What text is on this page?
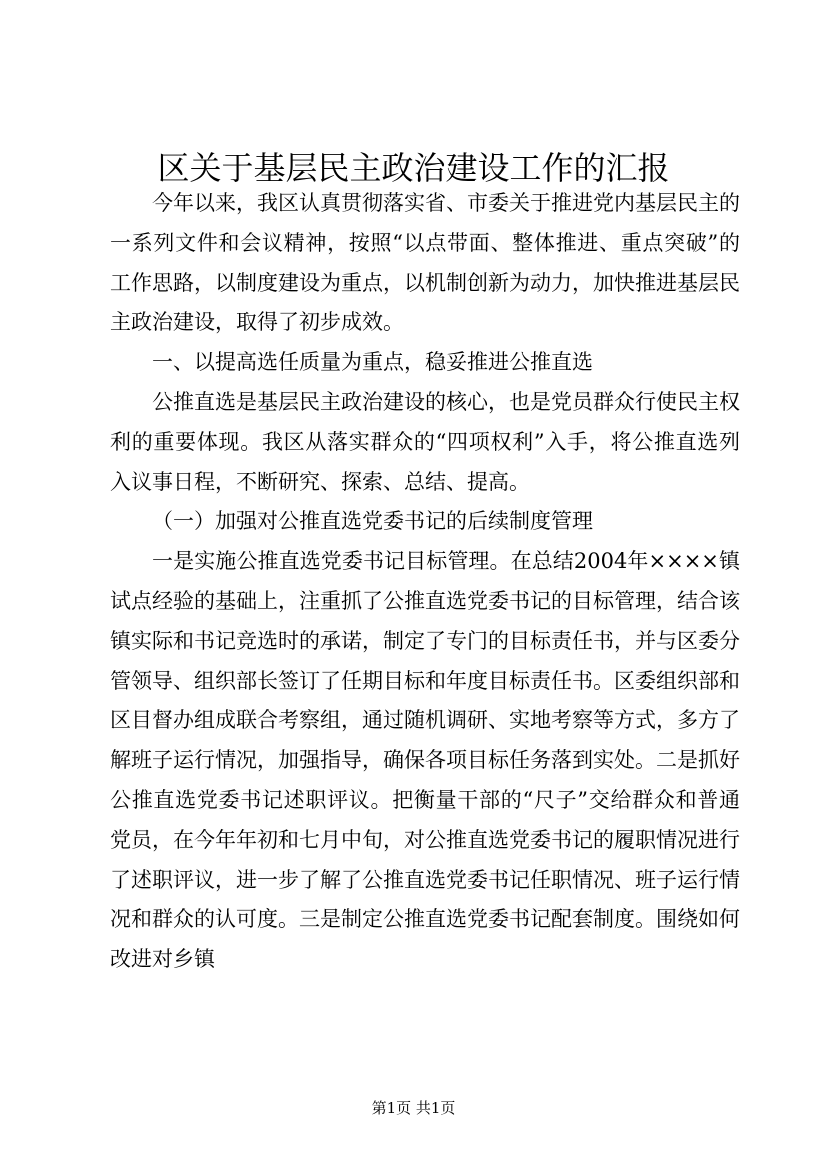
区关于基层民主政治建设工作的汇报

今年以来，我区认真贯彻落实省、市委关于推进党内基层民主的一系列文件和会议精神，按照“以点带面、整体推进、重点突破”的工作思路，以制度建设为重点，以机制创新为动力，加快推进基层民主政治建设，取得了初步成效。

一、以提高选任质量为重点，稳妥推进公推直选

公推直选是基层民主政治建设的核心，也是党员群众行使民主权利的重要体现。我区从落实群众的“四项权利”入手，将公推直选列入议事日程，不断研究、探索、总结、提高。

（一）加强对公推直选党委书记的后续制度管理

一是实施公推直选党委书记目标管理。在总结2004年××××镇试点经验的基础上，注重抓了公推直选党委书记的目标管理，结合该镇实际和书记竞选时的承诺，制定了专门的目标责任书，并与区委分管领导、组织部长签订了任期目标和年度目标责任书。区委组织部和区目督办组成联合考察组，通过随机调研、实地考察等方式，多方了解班子运行情况，加强指导，确保各项目标任务落到实处。二是抓好公推直选党委书记述职评议。把衡量干部的“尺子”交给群众和普通党员，在今年年初和七月中旬，对公推直选党委书记的履职情况进行了述职评议，进一步了解了公推直选党委书记任职情况、班子运行情况和群众的认可度。三是制定公推直选党委书记配套制度。围绕如何改进对乡镇

第1页 共1页
